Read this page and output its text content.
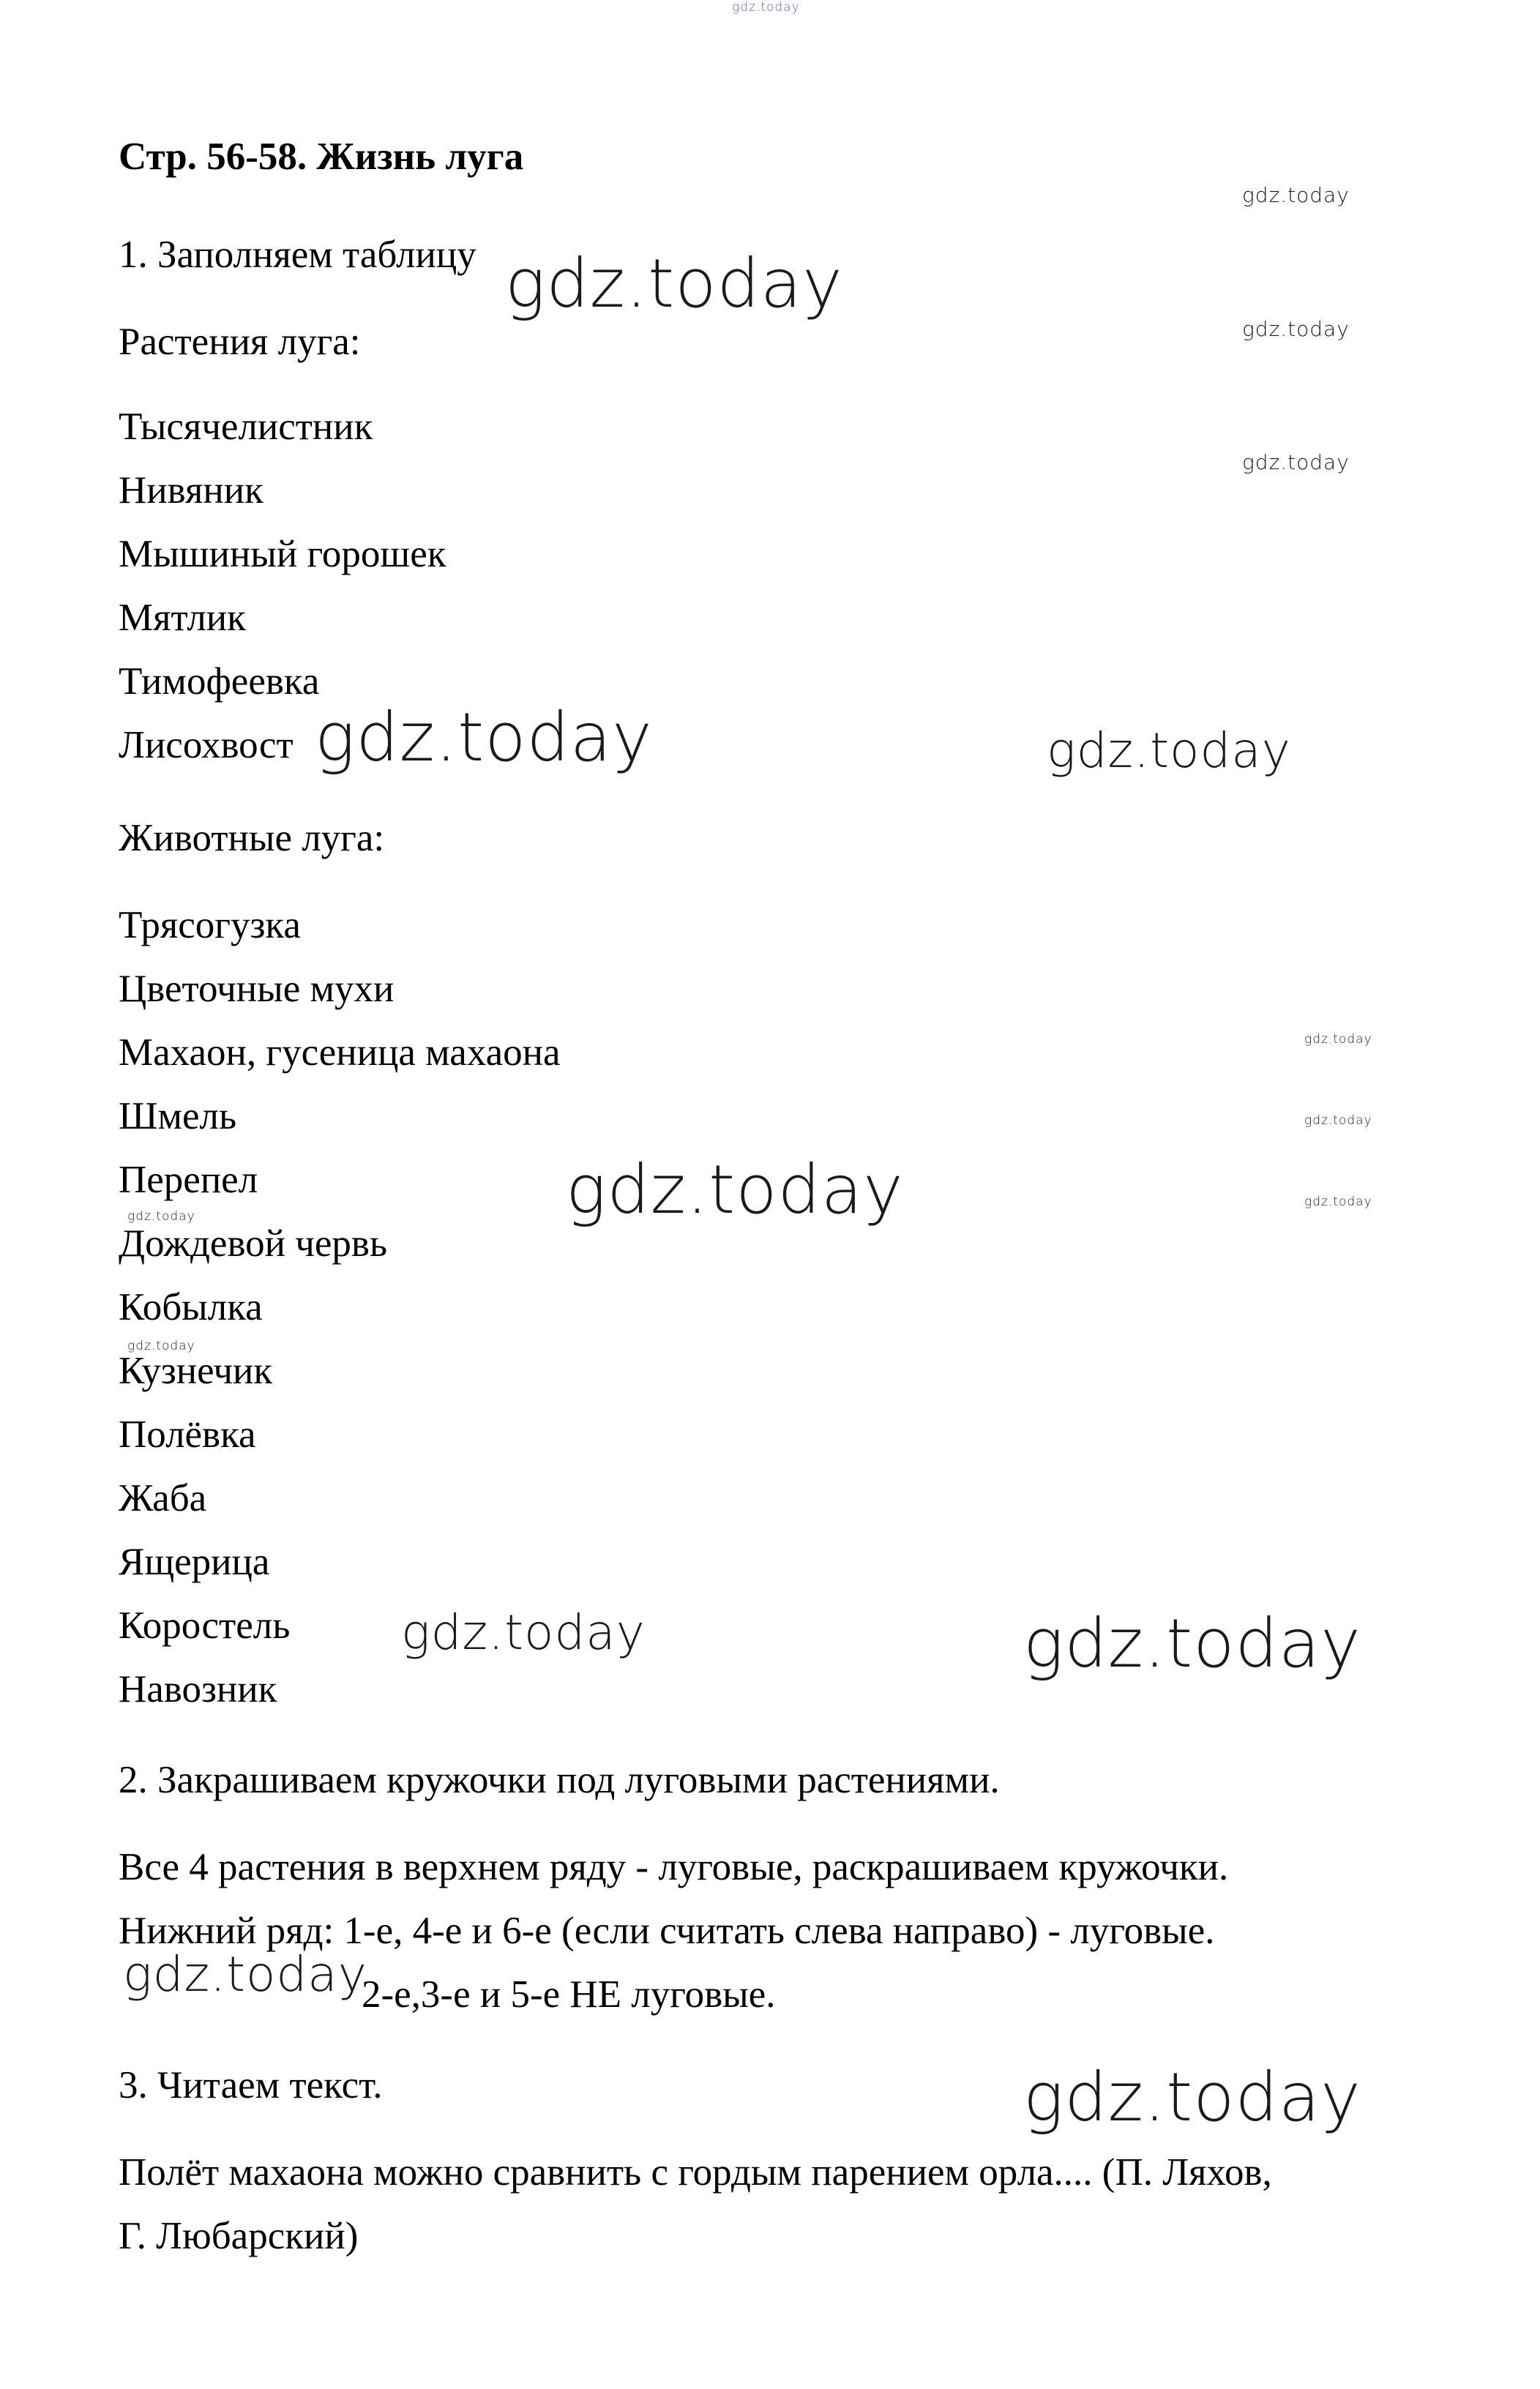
gdz.today
Стр. 56-58. Жизнь луга
1. Заполняем таблицу
Растения луга:
Тысячелистник
Нивяник
Мышиный горошек
Мятлик
Тимофеевка
Лисохвост
Животные луга:
Трясогузка
Цветочные мухи
Махаон, гусеница махаона
Шмель
Перепел
Дождевой червь
Кобылка
Кузнечик
Полёвка
Жаба
Ящерица
Коростель
Навозник
2. Закрашиваем кружочки под луговыми растениями.
Все 4 растения в верхнем ряду - луговые, раскрашиваем кружочки.
Нижний ряд: 1-е, 4-е и 6-е (если считать слева направо) - луговые.
2-е,3-е и 5-е НЕ луговые.
3. Читаем текст.
Полёт махаона можно сравнить с гордым парением орла.... (П. Ляхов,
Г. Любарский)
gdz.today
gdz.today
gdz.today
gdz.today
gdz.today	gdz.today
gdz.today
gdz.today
gdz.today
gdz.today
gdz.today
gdz.today
gdz.today	gdz.today
gdz.today
gdz.today
